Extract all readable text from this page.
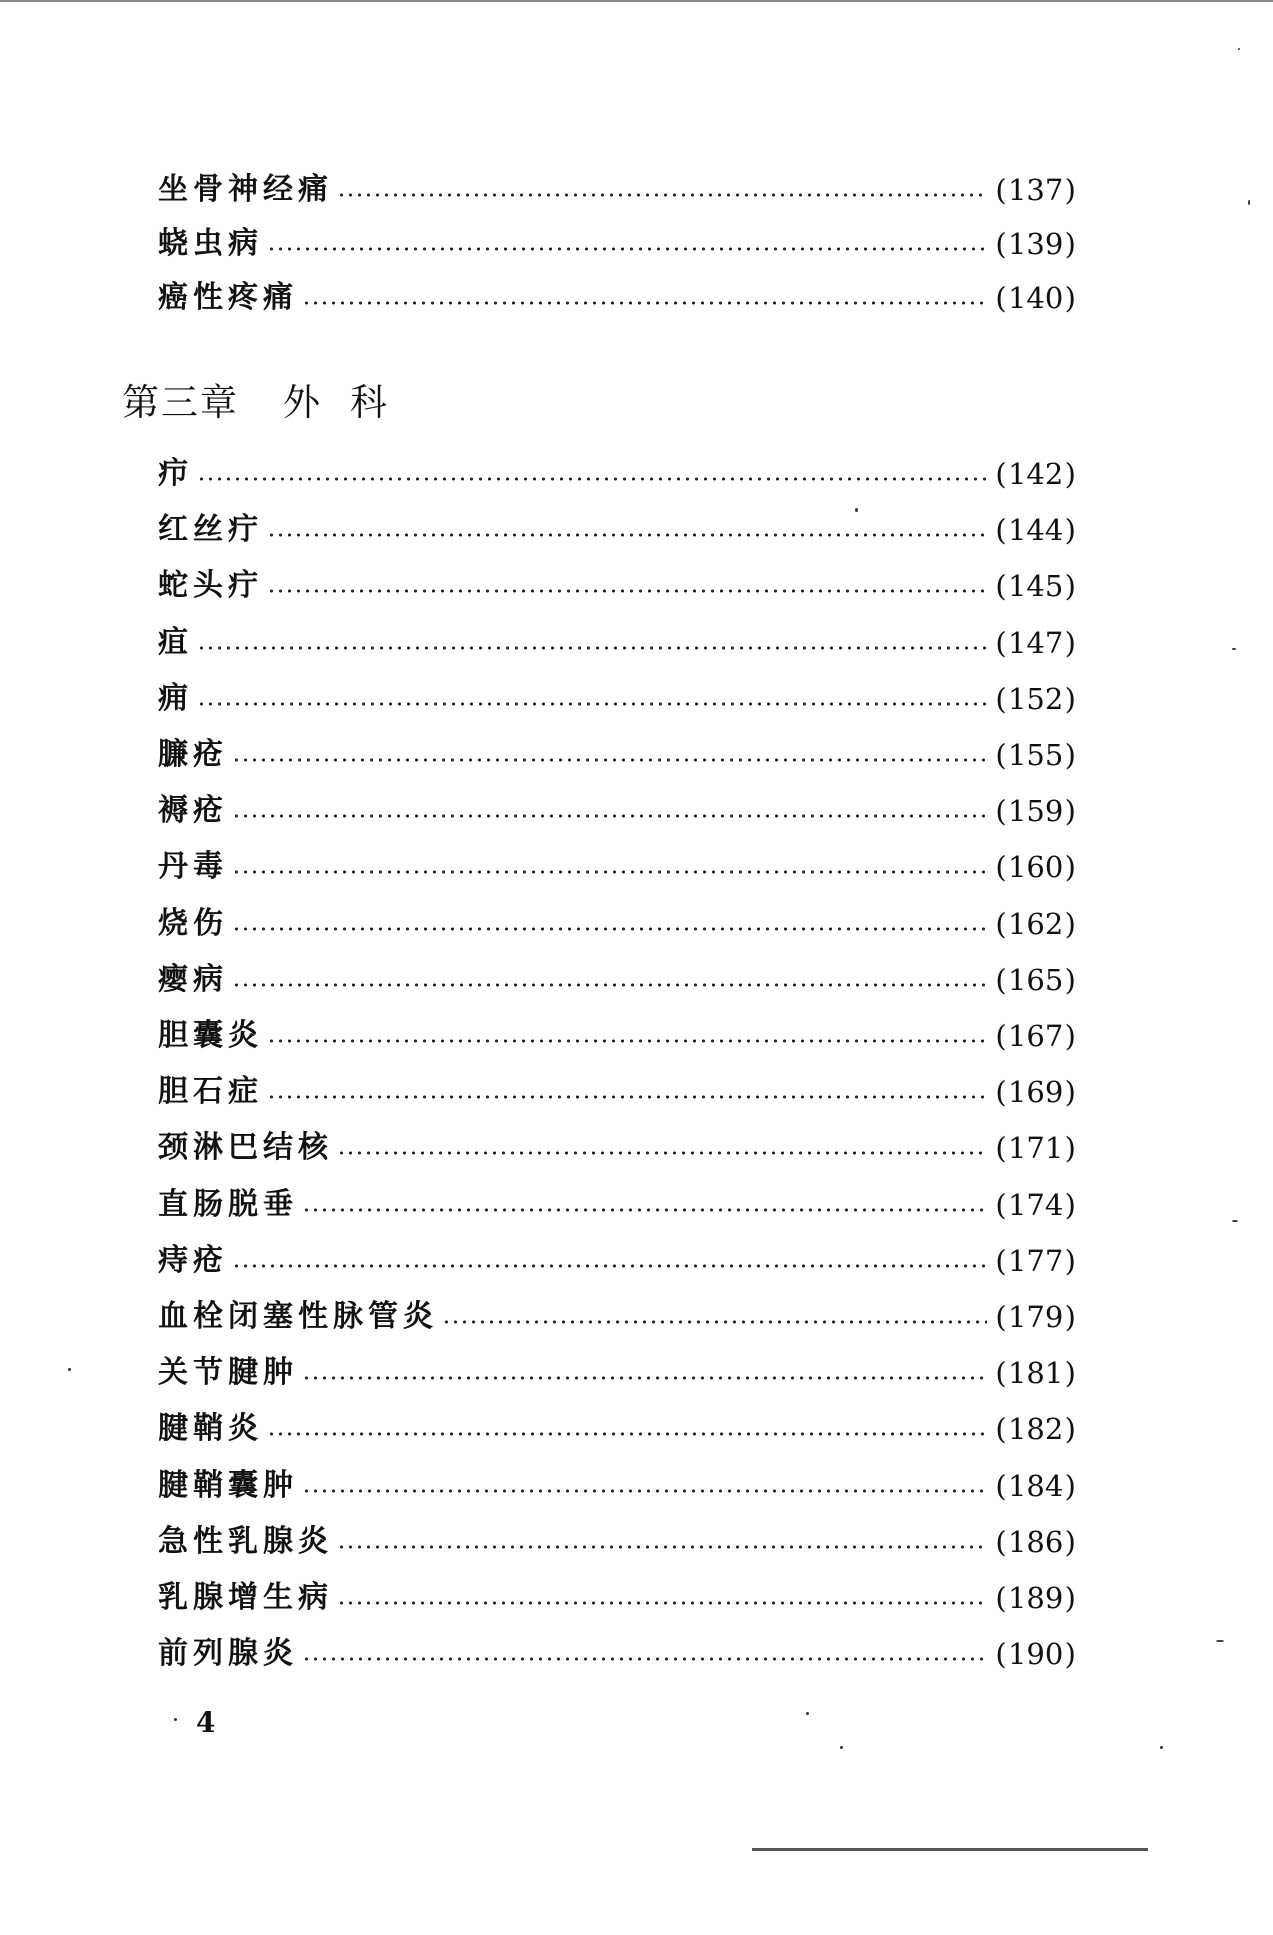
坐骨神经痛	(137)
蛲虫病	(139)
癌性疼痛	(140)
第三章 外 科
疖	(142)
红丝疔	(144)
蛇头疔	(145)
疽	(147)
痈	(152)
臁疮	(155)
褥疮	(159)
丹毒	(160)
烧伤	(162)
瘿病	(165)
胆囊炎	(167)
胆石症	(169)
颈淋巴结核	(171)
直肠脱垂	(174)
痔疮	(177)
血栓闭塞性脉管炎	(179)
关节腱肿	(181)
腱鞘炎	(182)
腱鞘囊肿	(184)
急性乳腺炎	(186)
乳腺增生病	(189)
前列腺炎	(190)
4
